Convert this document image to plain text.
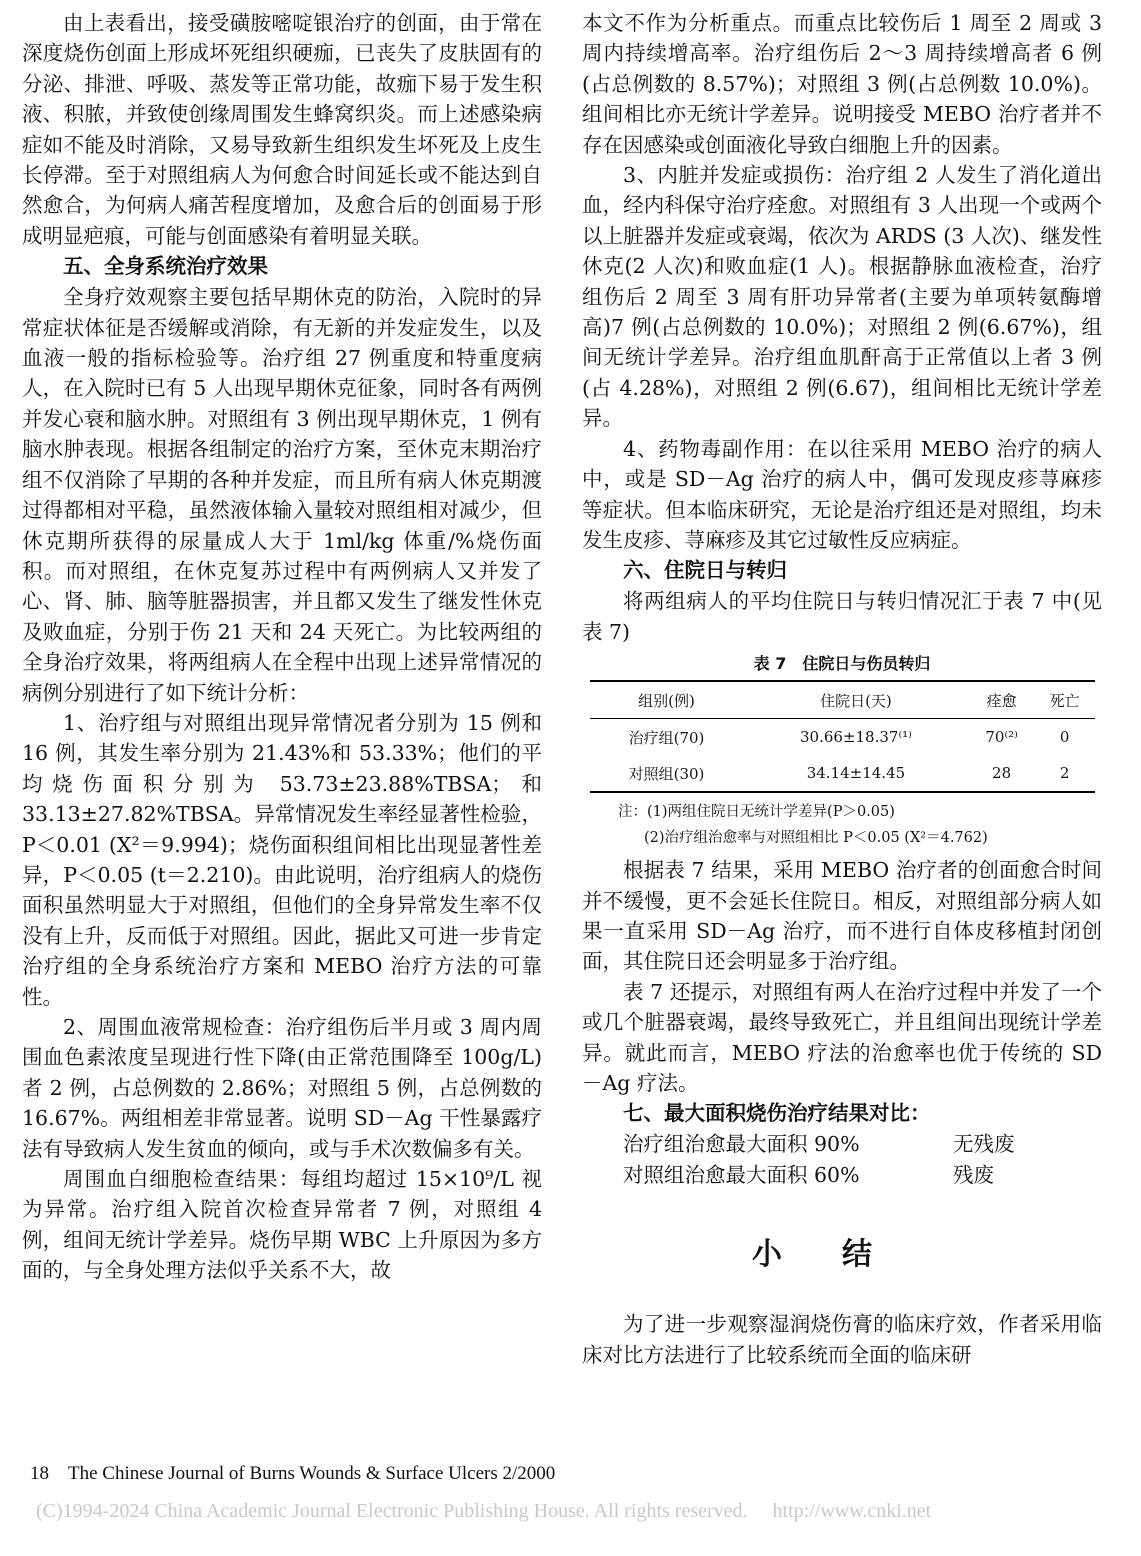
由上表看出，接受磺胺嘧啶银治疗的创面，由于常在深度烧伤创面上形成坏死组织硬痂，已丧失了皮肤固有的分泌、排泄、呼吸、蒸发等正常功能，故痂下易于发生积液、积脓，并致使创缘周围发生蜂窝织炎。而上述感染病症如不能及时消除，又易导致新生组织发生坏死及上皮生长停滞。至于对照组病人为何愈合时间延长或不能达到自然愈合，为何病人痛苦程度增加，及愈合后的创面易于形成明显疤痕，可能与创面感染有着明显关联。

五、全身系统治疗效果

全身疗效观察主要包括早期休克的防治，入院时的异常症状体征是否缓解或消除，有无新的并发症发生，以及血液一般的指标检验等。治疗组 27 例重度和特重度病人，在入院时已有 5 人出现早期休克征象，同时各有两例并发心衰和脑水肿。对照组有 3 例出现早期休克，1 例有脑水肿表现。根据各组制定的治疗方案，至休克末期治疗组不仅消除了早期的各种并发症，而且所有病人休克期渡过得都相对平稳，虽然液体输入量较对照组相对减少，但休克期所获得的尿量成人大于 1ml/kg 体重/%烧伤面积。而对照组，在休克复苏过程中有两例病人又并发了心、肾、肺、脑等脏器损害，并且都又发生了继发性休克及败血症，分别于伤 21 天和 24 天死亡。为比较两组的全身治疗效果，将两组病人在全程中出现上述异常情况的病例分别进行了如下统计分析：

1、治疗组与对照组出现异常情况者分别为 15 例和 16 例，其发生率分别为 21.43%和 53.33%；他们的平均烧伤面积分别为 53.73±23.88%TBSA；和 33.13±27.82%TBSA。异常情况发生率经显著性检验，P＜0.01 (X²＝9.994)；烧伤面积组间相比出现显著性差异，P＜0.05 (t＝2.210)。由此说明，治疗组病人的烧伤面积虽然明显大于对照组，但他们的全身异常发生率不仅没有上升，反而低于对照组。因此，据此又可进一步肯定治疗组的全身系统治疗方案和 MEBO 治疗方法的可靠性。

2、周围血液常规检查：治疗组伤后半月或 3 周内周围血色素浓度呈现进行性下降(由正常范围降至 100g/L)者 2 例，占总例数的 2.86%；对照组 5 例，占总例数的 16.67%。两组相差非常显著。说明 SD－Ag 干性暴露疗法有导致病人发生贫血的倾向，或与手术次数偏多有关。

周围血白细胞检查结果：每组均超过 15×10⁹/L 视为异常。治疗组入院首次检查异常者 7 例，对照组 4 例，组间无统计学差异。烧伤早期 WBC 上升原因为多方面的，与全身处理方法似乎关系不大，故

本文不作为分析重点。而重点比较伤后 1 周至 2 周或 3 周内持续增高率。治疗组伤后 2～3 周持续增高者 6 例(占总例数的 8.57%)；对照组 3 例(占总例数 10.0%)。组间相比亦无统计学差异。说明接受 MEBO 治疗者并不存在因感染或创面液化导致白细胞上升的因素。

3、内脏并发症或损伤：治疗组 2 人发生了消化道出血，经内科保守治疗痊愈。对照组有 3 人出现一个或两个以上脏器并发症或衰竭，依次为 ARDS (3 人次)、继发性休克(2 人次)和败血症(1 人)。根据静脉血液检查，治疗组伤后 2 周至 3 周有肝功异常者(主要为单项转氨酶增高)7 例(占总例数的 10.0%)；对照组 2 例(6.67%)，组间无统计学差异。治疗组血肌酐高于正常值以上者 3 例(占 4.28%)，对照组 2 例(6.67)，组间相比无统计学差异。

4、药物毒副作用：在以往采用 MEBO 治疗的病人中，或是 SD－Ag 治疗的病人中，偶可发现皮疹荨麻疹等症状。但本临床研究，无论是治疗组还是对照组，均未发生皮疹、荨麻疹及其它过敏性反应病症。

六、住院日与转归

将两组病人的平均住院日与转归情况汇于表 7 中(见表 7)

表 7　住院日与伤员转归
组别(例)	住院日(天)	痊愈	死亡
治疗组(70)	30.66±18.37⁽¹⁾	70⁽²⁾	0
对照组(30)	34.14±14.45	28	2
注：(1)两组住院日无统计学差异(P＞0.05)
(2)治疗组治愈率与对照组相比 P＜0.05 (X²＝4.762)

根据表 7 结果，采用 MEBO 治疗者的创面愈合时间并不缓慢，更不会延长住院日。相反，对照组部分病人如果一直采用 SD－Ag 治疗，而不进行自体皮移植封闭创面，其住院日还会明显多于治疗组。

表 7 还提示，对照组有两人在治疗过程中并发了一个或几个脏器衰竭，最终导致死亡，并且组间出现统计学差异。就此而言，MEBO 疗法的治愈率也优于传统的 SD－Ag 疗法。

七、最大面积烧伤治疗结果对比：
治疗组治愈最大面积 90%	无残废
对照组治愈最大面积 60%	残废
小结

为了进一步观察湿润烧伤膏的临床疗效，作者采用临床对比方法进行了比较系统而全面的临床研

18　The Chinese Journal of Burns Wounds & Surface Ulcers 2/2000
(C)1994-2024 China Academic Journal Electronic Publishing House. All rights reserved.　 http://www.cnki.net
